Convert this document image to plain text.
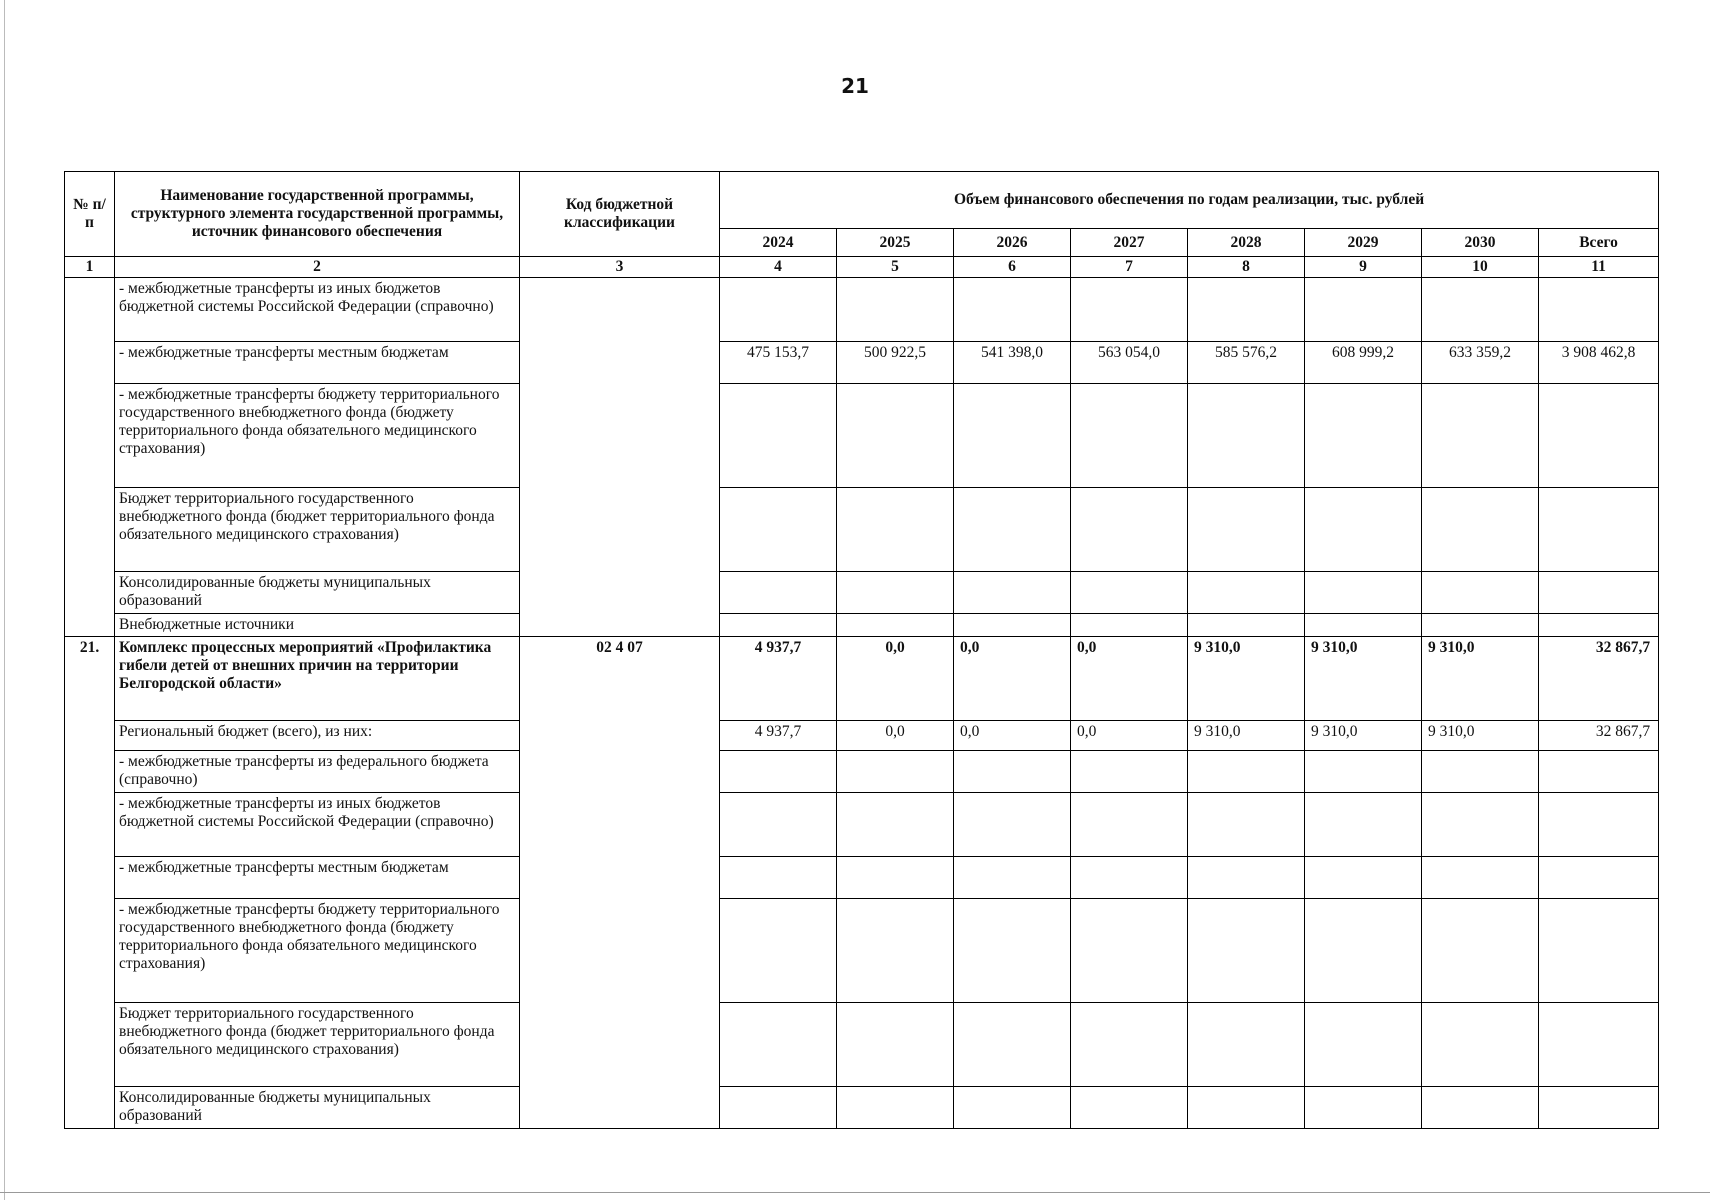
21
№ п/п	Наименование государственной программы, структурного элемента государственной программы, источник финансового обеспечения	Код бюджетной классификации	Объем финансового обеспечения по годам реализации, тыс. рублей							
			2024	2025	2026	2027	2028	2029	2030	Всего
1	2	3	4	5	6	7	8	9	10	11
	- межбюджетные трансферты из иных бюджетов бюджетной системы Российской Федерации (справочно)									
	- межбюджетные трансферты местным бюджетам		475 153,7	500 922,5	541 398,0	563 054,0	585 576,2	608 999,2	633 359,2	3 908 462,8
	- межбюджетные трансферты бюджету территориального государственного внебюджетного фонда (бюджету территориального фонда обязательного медицинского страхования)									
	Бюджет территориального государственного внебюджетного фонда (бюджет территориального фонда обязательного медицинского страхования)									
	Консолидированные бюджеты муниципальных образований									
	Внебюджетные источники									
21.	Комплекс процессных мероприятий «Профилактика гибели детей от внешних причин на территории Белгородской области»	02 4 07	4 937,7	0,0	0,0	0,0	9 310,0	9 310,0	9 310,0	32 867,7
	Региональный бюджет (всего), из них:		4 937,7	0,0	0,0	0,0	9 310,0	9 310,0	9 310,0	32 867,7
	- межбюджетные трансферты из федерального бюджета (справочно)									
	- межбюджетные трансферты из иных бюджетов бюджетной системы Российской Федерации (справочно)									
	- межбюджетные трансферты местным бюджетам									
	- межбюджетные трансферты бюджету территориального государственного внебюджетного фонда (бюджету территориального фонда обязательного медицинского страхования)									
	Бюджет территориального государственного внебюджетного фонда (бюджет территориального фонда обязательного медицинского страхования)									
	Консолидированные бюджеты муниципальных образований									
